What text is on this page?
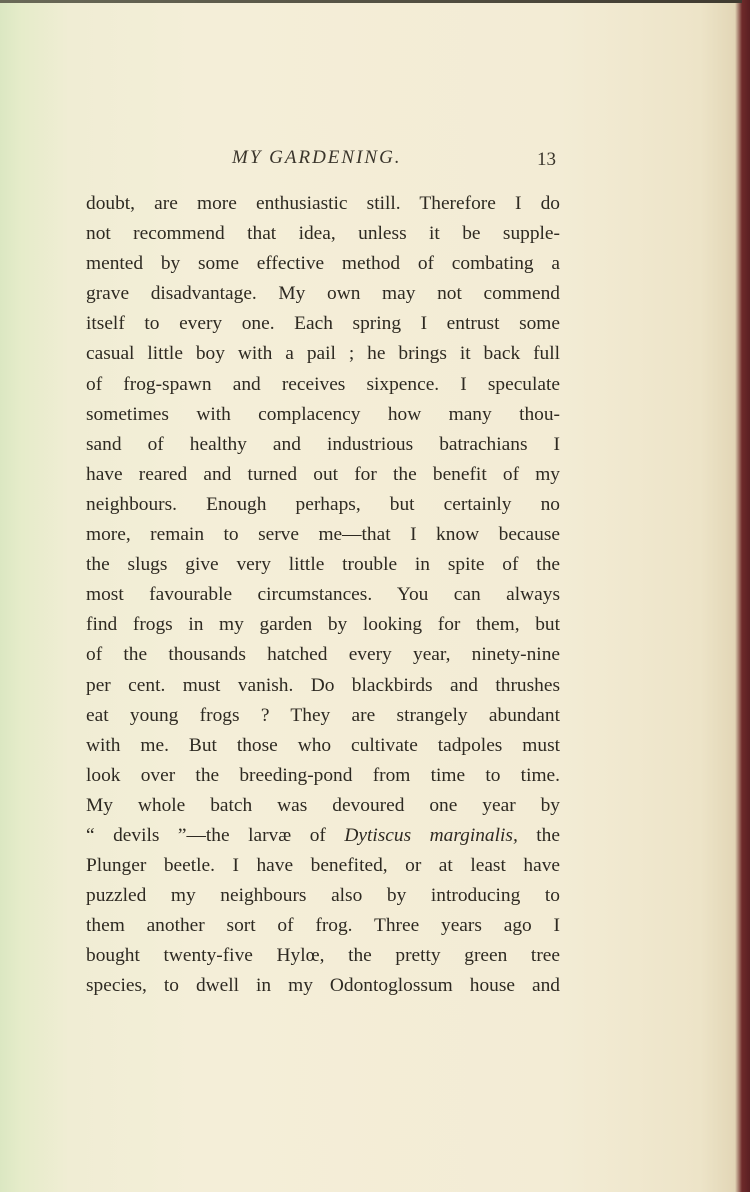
MY GARDENING.	13
doubt, are more enthusiastic still. Therefore I do
not recommend that idea, unless it be supple-
mented by some effective method of combating a
grave disadvantage. My own may not commend
itself to every one. Each spring I entrust some
casual little boy with a pail ; he brings it back full
of frog-spawn and receives sixpence. I speculate
sometimes with complacency how many thou-
sand of healthy and industrious batrachians I
have reared and turned out for the benefit of my
neighbours. Enough perhaps, but certainly no
more, remain to serve me—that I know because
the slugs give very little trouble in spite of the
most favourable circumstances. You can always
find frogs in my garden by looking for them, but
of the thousands hatched every year, ninety-nine
per cent. must vanish. Do blackbirds and thrushes
eat young frogs ? They are strangely abundant
with me. But those who cultivate tadpoles must
look over the breeding-pond from time to time.
My whole batch was devoured one year by
“ devils ”—the larvæ of Dytiscus marginalis, the
Plunger beetle. I have benefited, or at least have
puzzled my neighbours also by introducing to
them another sort of frog. Three years ago I
bought twenty-five Hylœ, the pretty green tree
species, to dwell in my Odontoglossum house and
